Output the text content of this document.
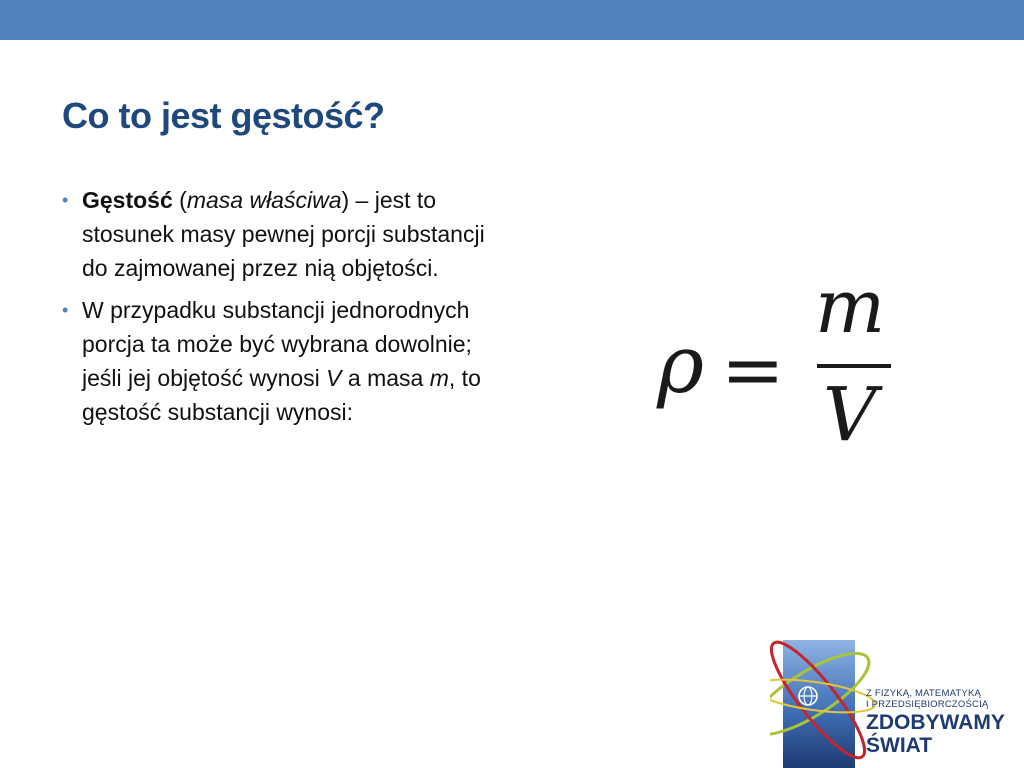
Co to jest gęstość?
• Gęstość (masa właściwa) – jest to stosunek masy pewnej porcji substancji do zajmowanej przez nią objętości.
• W przypadku substancji jednorodnych porcja ta może być wybrana dowolnie; jeśli jej objętość wynosi V a masa m, to gęstość substancji wynosi:
ρ =
m
V
Z FIZYKĄ, MATEMATYKĄ
I PRZEDSIĘBIORCZOŚCIĄ
ZDOBYWAMY
ŚWIAT
